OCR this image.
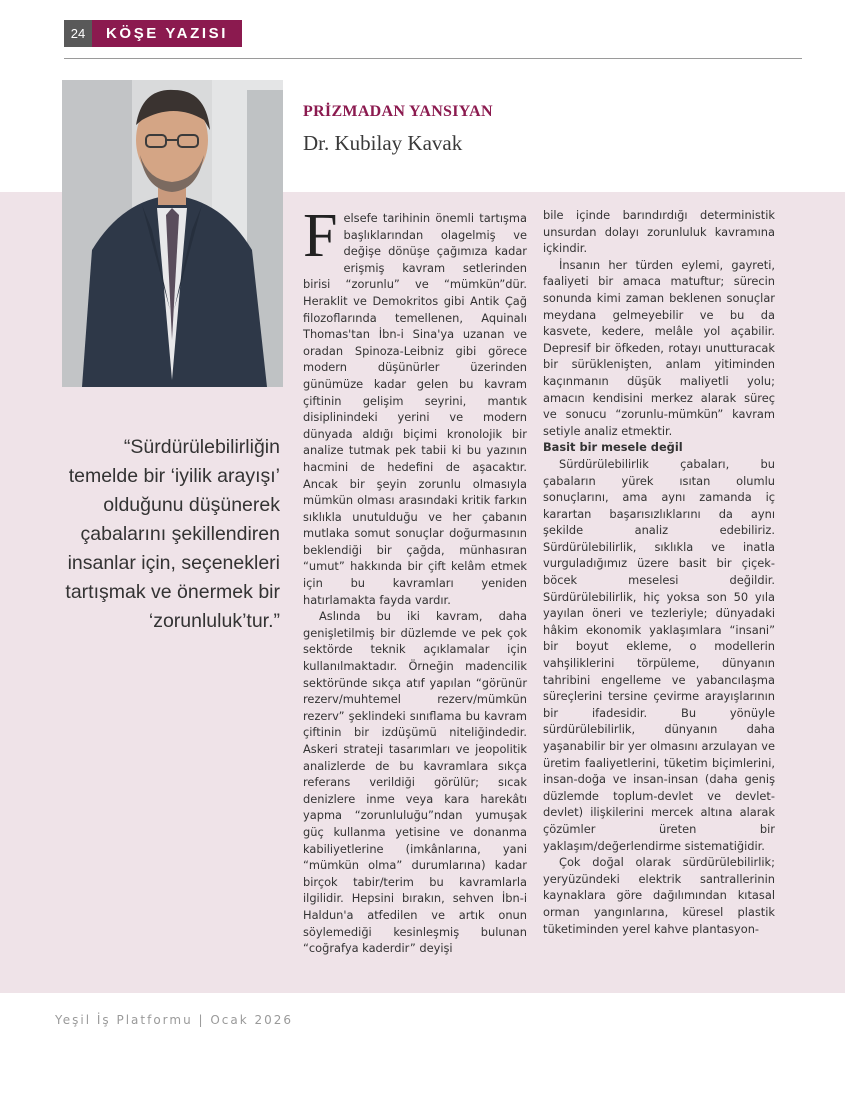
24	KÖŞE YAZISI
PRİZMADAN YANSIYAN
Dr. Kubilay Kavak
“Sürdürülebilirliğin temelde bir ‘iyilik arayışı’ olduğunu düşünerek çabalarını şekillendiren insanlar için, seçenekleri tartışmak ve önermek bir ‘zorunluluk’tur.”

Felsefe tarihinin önemli tartışma başlıklarından olagelmiş ve değişe dönüşe çağımıza kadar erişmiş kavram setlerinden birisi “zorunlu” ve “mümkün”dür. Heraklit ve Demokritos gibi Antik Çağ filozoflarında temellenen, Aquinalı Thomas'tan İbn-i Sina'ya uzanan ve oradan Spinoza-Leibniz gibi görece modern düşünürler üzerinden günümüze kadar gelen bu kavram çiftinin gelişim seyrini, mantık disiplinindeki yerini ve modern dünyada aldığı biçimi kronolojik bir analize tutmak pek tabii ki bu yazının hacmini de hedefini de aşacaktır. Ancak bir şeyin zorunlu olmasıyla mümkün olması arasındaki kritik farkın sıklıkla unutulduğu ve her çabanın mutlaka somut sonuçlar doğurmasının beklendiği bir çağda, münhasıran “umut” hakkında bir çift kelâm etmek için bu kavramları yeniden hatırlamakta fayda vardır.

Aslında bu iki kavram, daha genişletilmiş bir düzlemde ve pek çok sektörde teknik açıklamalar için kullanılmaktadır. Örneğin madencilik sektöründe sıkça atıf yapılan “görünür rezerv/muhtemel rezerv/mümkün rezerv” şeklindeki sınıflama bu kavram çiftinin bir izdüşümü niteliğindedir. Askeri strateji tasarımları ve jeopolitik analizlerde de bu kavramlara sıkça referans verildiği görülür; sıcak denizlere inme veya kara harekâtı yapma “zorunluluğu”ndan yumuşak güç kullanma yetisine ve donanma kabiliyetlerine (imkânlarına, yani “mümkün olma” durumlarına) kadar birçok tabir/terim bu kavramlarla ilgilidir. Hepsini bırakın, sehven İbn-i Haldun'a atfedilen ve artık onun söylemediği kesinleşmiş bulunan “coğrafya kaderdir” deyişi

bile içinde barındırdığı deterministik unsurdan dolayı zorunluluk kavramına içkindir.

İnsanın her türden eylemi, gayreti, faaliyeti bir amaca matuftur; sürecin sonunda kimi zaman beklenen sonuçlar meydana gelmeyebilir ve bu da kasvete, kedere, melâle yol açabilir. Depresif bir öfkeden, rotayı unutturacak bir sürüklenişten, anlam yitiminden kaçınmanın düşük maliyetli yolu; amacın kendisini merkez alarak süreç ve sonucu “zorunlu-mümkün” kavram setiyle analiz etmektir.

Basit bir mesele değil

Sürdürülebilirlik çabaları, bu çabaların yürek ısıtan olumlu sonuçlarını, ama aynı zamanda iç karartan başarısızlıklarını da aynı şekilde analiz edebiliriz. Sürdürülebilirlik, sıklıkla ve inatla vurguladığımız üzere basit bir çiçek-böcek meselesi değildir. Sürdürülebilirlik, hiç yoksa son 50 yıla yayılan öneri ve tezleriyle; dünyadaki hâkim ekonomik yaklaşımlara “insani” bir boyut ekleme, o modellerin vahşiliklerini törpüleme, dünyanın tahribini engelleme ve yabancılaşma süreçlerini tersine çevirme arayışlarının bir ifadesidir. Bu yönüyle sürdürülebilirlik, dünyanın daha yaşanabilir bir yer olmasını arzulayan ve üretim faaliyetlerini, tüketim biçimlerini, insan-doğa ve insan-insan (daha geniş düzlemde toplum-devlet ve devlet-devlet) ilişkilerini mercek altına alarak çözümler üreten bir yaklaşım/değerlendirme sistematiğidir.

Çok doğal olarak sürdürülebilirlik; yeryüzündeki elektrik santrallerinin kaynaklara göre dağılımından kıtasal orman yangınlarına, küresel plastik tüketiminden yerel kahve plantasyon-

Yeşil İş Platformu | Ocak 2026
